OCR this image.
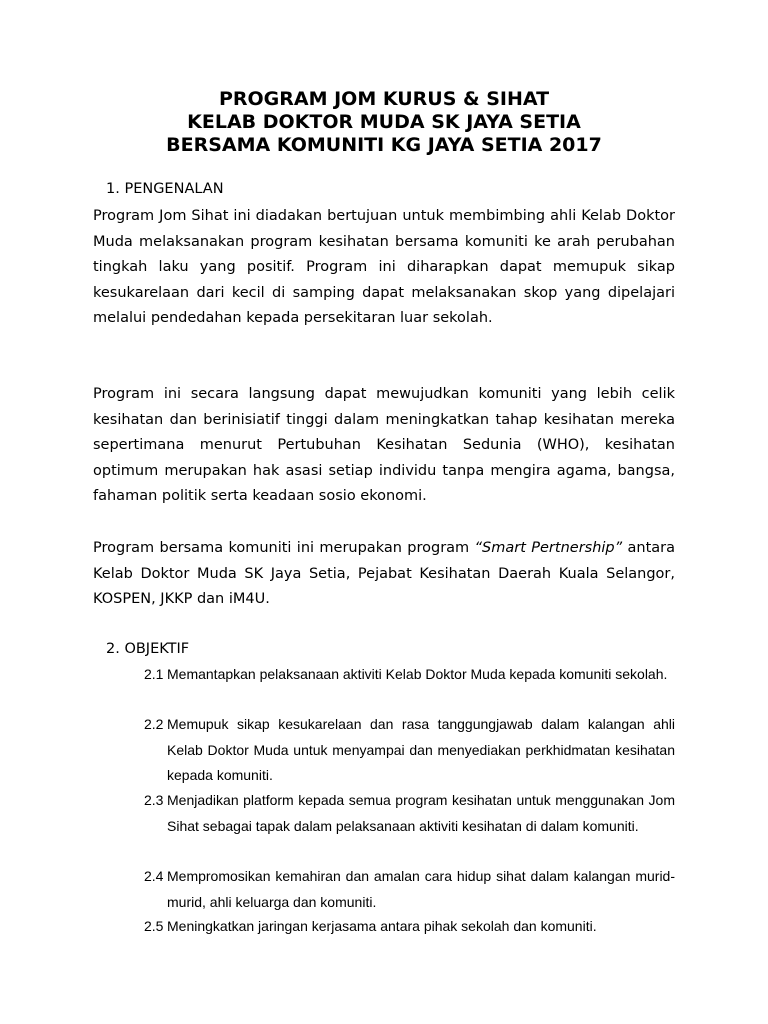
PROGRAM JOM KURUS & SIHAT
KELAB DOKTOR MUDA SK JAYA SETIA
BERSAMA KOMUNITI KG JAYA SETIA 2017
1. PENGENALAN
Program Jom Sihat ini diadakan bertujuan untuk membimbing ahli Kelab Doktor Muda melaksanakan program kesihatan bersama komuniti ke arah perubahan tingkah laku yang positif. Program ini diharapkan dapat memupuk sikap kesukarelaan dari kecil di samping dapat melaksanakan skop yang dipelajari melalui pendedahan kepada persekitaran luar sekolah.
Program ini secara langsung dapat mewujudkan komuniti yang lebih celik kesihatan dan berinisiatif tinggi dalam meningkatkan tahap kesihatan mereka sepertimana menurut Pertubuhan Kesihatan Sedunia (WHO), kesihatan optimum merupakan hak asasi setiap individu tanpa mengira agama, bangsa, fahaman politik serta keadaan sosio ekonomi.
Program bersama komuniti ini merupakan program “Smart Pertnership” antara Kelab Doktor Muda SK Jaya Setia, Pejabat Kesihatan Daerah Kuala Selangor, KOSPEN, JKKP dan iM4U.
2. OBJEKTIF
2.1 Memantapkan pelaksanaan aktiviti Kelab Doktor Muda kepada komuniti sekolah.
2.2 Memupuk sikap kesukarelaan dan rasa tanggungjawab dalam kalangan ahli Kelab Doktor Muda untuk menyampai dan menyediakan perkhidmatan kesihatan kepada komuniti.
2.3 Menjadikan platform kepada semua program kesihatan untuk menggunakan Jom Sihat sebagai tapak dalam pelaksanaan aktiviti kesihatan di dalam komuniti.
2.4 Mempromosikan kemahiran dan amalan cara hidup sihat dalam kalangan murid-murid, ahli keluarga dan komuniti.
2.5 Meningkatkan jaringan kerjasama antara pihak sekolah dan komuniti.
